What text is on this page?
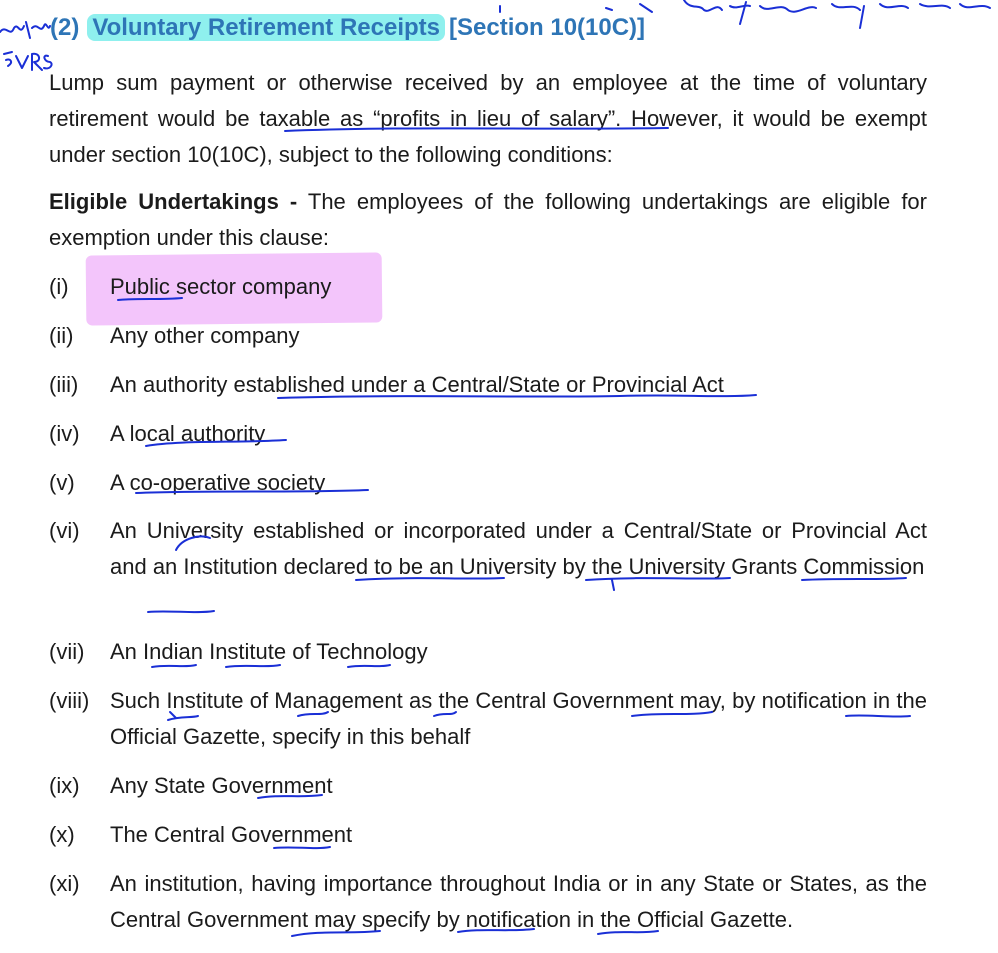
(2) Voluntary Retirement Receipts [Section 10(10C)]
Lump sum payment or otherwise received by an employee at the time of voluntary retirement would be taxable as “profits in lieu of salary”. However, it would be exempt under section 10(10C), subject to the following conditions:
Eligible Undertakings - The employees of the following undertakings are eligible for exemption under this clause:
(i) Public sector company
(ii) Any other company
(iii) An authority established under a Central/State or Provincial Act
(iv) A local authority
(v) A co-operative society
(vi) An University established or incorporated under a Central/State or Provincial Act and an Institution declared to be an University by the University Grants Commission
(vii) An Indian Institute of Technology
(viii) Such Institute of Management as the Central Government may, by notification in the Official Gazette, specify in this behalf
(ix) Any State Government
(x) The Central Government
(xi) An institution, having importance throughout India or in any State or States, as the Central Government may specify by notification in the Official Gazette.
